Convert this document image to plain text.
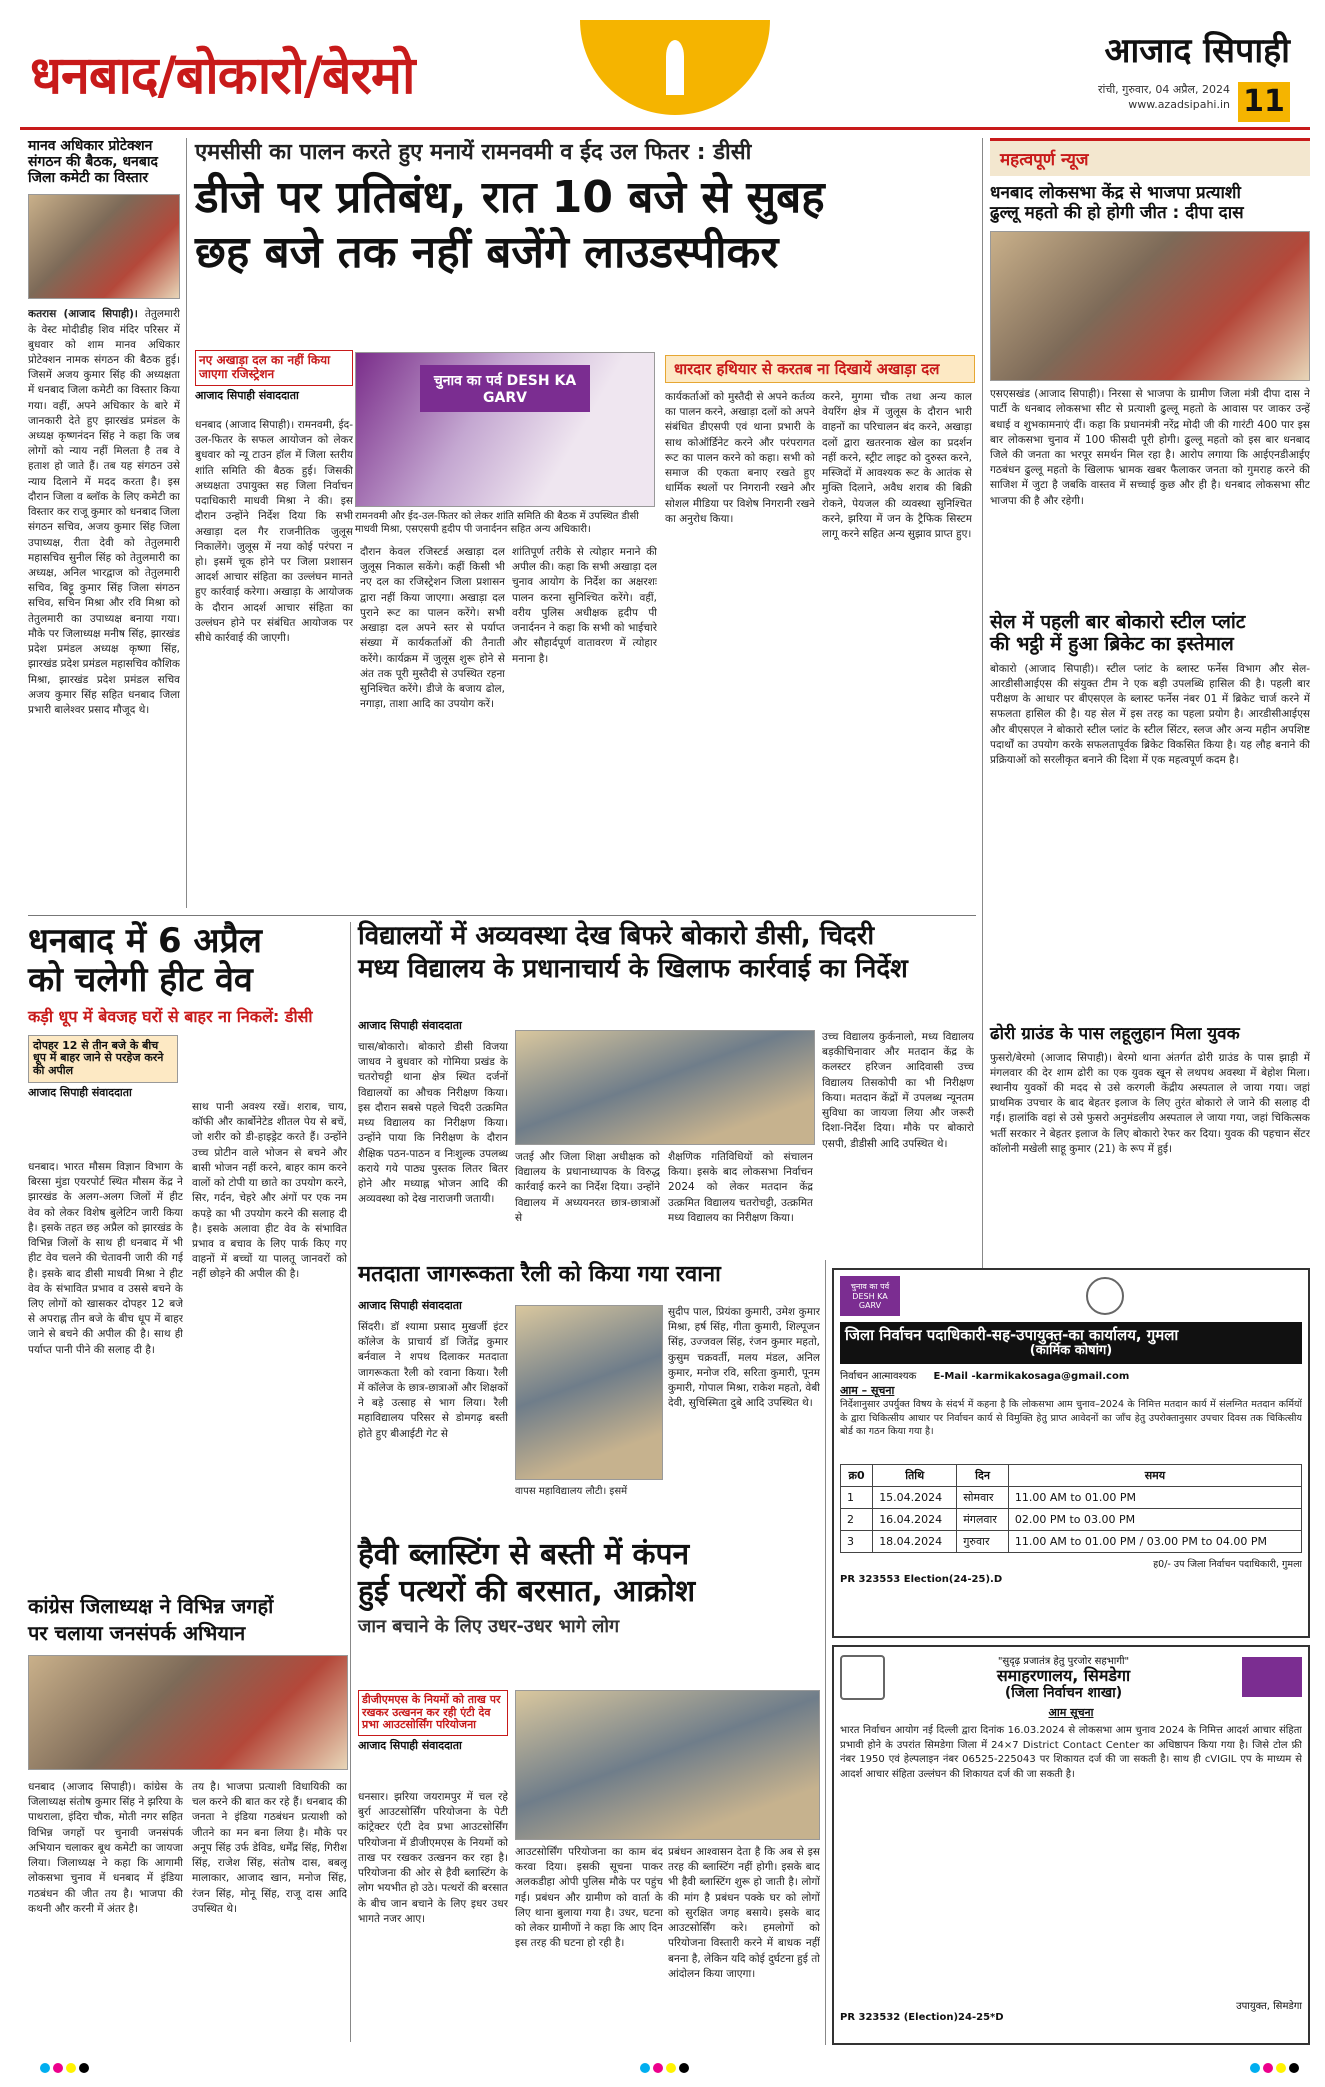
धनबाद/बोकारो/बेरमो	आजाद सिपाही
रांची, गुरुवार, 04 अप्रैल, 2024
www.azadsipahi.in 11
मानव अधिकार प्रोटेक्शन संगठन की बैठक, धनबाद जिला कमेटी का विस्तार
कतरास (आजाद सिपाही)। तेतुलमारी के वेस्ट मोदीडीह शिव मंदिर परिसर में बुधवार को शाम मानव अधिकार प्रोटेक्शन नामक संगठन की बैठक हुई। जिसमें अजय कुमार सिंह की अध्यक्षता में धनबाद जिला कमेटी का विस्तार किया गया। वहीं, अपने अधिकार के बारे में जानकारी देते हुए झारखंड प्रमंडल के अध्यक्ष कृष्णनंदन सिंह ने कहा कि जब लोगों को न्याय नहीं मिलता है तब वे हताश हो जाते हैं। तब यह संगठन उसे न्याय दिलाने में मदद करता है। इस दौरान जिला व ब्लॉक के लिए कमेटी का विस्तार कर राजू कुमार को धनबाद जिला संगठन सचिव, अजय कुमार सिंह जिला उपाध्यक्ष, रीता देवी को तेतुलमारी महासचिव सुनील सिंह को तेतुलमारी का अध्यक्ष, अनिल भारद्वाज को तेतुलमारी सचिव, बिट्टू कुमार सिंह जिला संगठन सचिव, सचिन मिश्रा और रवि मिश्रा को तेतुलमारी का उपाध्यक्ष बनाया गया। मौके पर जिलाध्यक्ष मनीष सिंह, झारखंड प्रदेश प्रमंडल अध्यक्ष कृष्णा सिंह, झारखंड प्रदेश प्रमंडल महासचिव कौशिक मिश्रा, झारखंड प्रदेश प्रमंडल सचिव अजय कुमार सिंह सहित धनबाद जिला प्रभारी बालेश्वर प्रसाद मौजूद थे।
एमसीसी का पालन करते हुए मनायें रामनवमी व ईद उल फितर : डीसी
डीजे पर प्रतिबंध, रात 10 बजे से सुबह
छह बजे तक नहीं बजेंगे लाउडस्पीकर
नए अखाड़ा दल का नहीं किया जाएगा रजिस्ट्रेशन
आजाद सिपाही संवाददाता
चुनाव का पर्व DESH KA GARV
धारदार हथियार से करतब ना दिखायें अखाड़ा दल
रामनवमी और ईद-उल-फितर को लेकर शांति समिति की बैठक में उपस्थित डीसी माधवी मिश्रा, एसएसपी हृदीप पी जनार्दनन सहित अन्य अधिकारी।
धनबाद (आजाद सिपाही)। रामनवमी, ईद-उल-फितर के सफल आयोजन को लेकर बुधवार को न्यू टाउन हॉल में जिला स्तरीय शांति समिति की बैठक हुई। जिसकी अध्यक्षता उपायुक्त सह जिला निर्वाचन पदाधिकारी माधवी मिश्रा ने की। इस दौरान उन्होंने निर्देश दिया कि सभी अखाड़ा दल गैर राजनीतिक जुलूस निकालेंगे। जुलूस में नया कोई परंपरा न हो। इसमें चूक होने पर जिला प्रशासन आदर्श आचार संहिता का उल्लंघन मानते हुए कार्रवाई करेगा। अखाड़ा के आयोजक के दौरान आदर्श आचार संहिता का उल्लंघन होने पर संबंधित आयोजक पर सीधे कार्रवाई की जाएगी।
दौरान केवल रजिस्टर्ड अखाड़ा दल जुलूस निकाल सकेंगे। कहीं किसी भी नए दल का रजिस्ट्रेशन जिला प्रशासन द्वारा नहीं किया जाएगा। अखाड़ा दल पुराने रूट का पालन करेंगे। सभी अखाड़ा दल अपने स्तर से पर्याप्त संख्या में कार्यकर्ताओं की तैनाती करेंगे। कार्यक्रम में जुलूस शुरू होने से अंत तक पूरी मुस्तैदी से उपस्थित रहना सुनिश्चित करेंगे। डीजे के बजाय ढोल, नगाड़ा, ताशा आदि का उपयोग करें।
शांतिपूर्ण तरीके से त्योहार मनाने की अपील की। कहा कि सभी अखाड़ा दल चुनाव आयोग के निर्देश का अक्षरशः पालन करना सुनिश्चित करेंगे। वहीं, वरीय पुलिस अधीक्षक हृदीप पी जनार्दनन ने कहा कि सभी को भाईचारे और सौहार्दपूर्ण वातावरण में त्योहार मनाना है।
कार्यकर्ताओं को मुस्तैदी से अपने कर्तव्य का पालन करने, अखाड़ा दलों को अपने संबंधित डीएसपी एवं थाना प्रभारी के साथ कोऑर्डिनेट करने और परंपरागत रूट का पालन करने को कहा। सभी को समाज की एकता बनाए रखते हुए धार्मिक स्थलों पर निगरानी रखने और सोशल मीडिया पर विशेष निगरानी रखने का अनुरोध किया।
करने, मुगमा चौक तथा अन्य काल वेयरिंग क्षेत्र में जुलूस के दौरान भारी वाहनों का परिचालन बंद करने, अखाड़ा दलों द्वारा खतरनाक खेल का प्रदर्शन नहीं करने, स्ट्रीट लाइट को दुरुस्त करने, मस्जिदों में आवश्यक रूट के आतंक से मुक्ति दिलाने, अवैध शराब की बिक्री रोकने, पेयजल की व्यवस्था सुनिश्चित करने, झरिया में जन के ट्रैफिक सिस्टम लागू करने सहित अन्य सुझाव प्राप्त हुए।
धनबाद में 6 अप्रैल
को चलेगी हीट वेव
कड़ी धूप में बेवजह घरों से बाहर ना निकलें: डीसी
दोपहर 12 से तीन बजे के बीच धूप में बाहर जाने से परहेज करने की अपील
आजाद सिपाही संवाददाता
धनबाद। भारत मौसम विज्ञान विभाग के बिरसा मुंडा एयरपोर्ट स्थित मौसम केंद्र ने झारखंड के अलग-अलग जिलों में हीट वेव को लेकर विशेष बुलेटिन जारी किया है। इसके तहत छह अप्रैल को झारखंड के विभिन्न जिलों के साथ ही धनबाद में भी हीट वेव चलने की चेतावनी जारी की गई है। इसके बाद डीसी माधवी मिश्रा ने हीट वेव के संभावित प्रभाव व उससे बचने के लिए लोगों को खासकर दोपहर 12 बजे से अपराह्न तीन बजे के बीच धूप में बाहर जाने से बचने की अपील की है। साथ ही पर्याप्त पानी पीने की सलाह दी है।
साथ पानी अवश्य रखें। शराब, चाय, कॉफी और कार्बोनेटेड शीतल पेय से बचें, जो शरीर को डी-हाइड्रेट करते हैं। उन्होंने उच्च प्रोटीन वाले भोजन से बचने और बासी भोजन नहीं करने, बाहर काम करने वालों को टोपी या छाते का उपयोग करने, सिर, गर्दन, चेहरे और अंगों पर एक नम कपड़े का भी उपयोग करने की सलाह दी है। इसके अलावा हीट वेव के संभावित प्रभाव व बचाव के लिए पार्क किए गए वाहनों में बच्चों या पालतू जानवरों को नहीं छोड़ने की अपील की है।
कांग्रेस जिलाध्यक्ष ने विभिन्न जगहों
पर चलाया जनसंपर्क अभियान
धनबाद (आजाद सिपाही)। कांग्रेस के जिलाध्यक्ष संतोष कुमार सिंह ने झरिया के पाथराला, इंदिरा चौक, मोती नगर सहित विभिन्न जगहों पर चुनावी जनसंपर्क अभियान चलाकर बूथ कमेटी का जायजा लिया। जिलाध्यक्ष ने कहा कि आगामी लोकसभा चुनाव में धनबाद में इंडिया गठबंधन की जीत तय है। भाजपा की कथनी और करनी में अंतर है।
तय है। भाजपा प्रत्याशी विधायिकी का चल करने की बात कर रहे हैं। धनबाद की जनता ने इंडिया गठबंधन प्रत्याशी को जीतने का मन बना लिया है। मौके पर अनूप सिंह उर्फ डेविड, धर्मेंद्र सिंह, गिरीश सिंह, राजेश सिंह, संतोष दास, बबलू मालाकार, आजाद खान, मनोज सिंह, रंजन सिंह, मोनू सिंह, राजू दास आदि उपस्थित थे।
विद्यालयों में अव्यवस्था देख बिफरे बोकारो डीसी, चिदरी
मध्य विद्यालय के प्रधानाचार्य के खिलाफ कार्रवाई का निर्देश
आजाद सिपाही संवाददाता
चास/बोकारो। बोकारो डीसी विजया जाधव ने बुधवार को गोमिया प्रखंड के चतरोचट्टी थाना क्षेत्र स्थित दर्जनों विद्यालयों का औचक निरीक्षण किया। इस दौरान सबसे पहले चिदरी उत्क्रमित मध्य विद्यालय का निरीक्षण किया। उन्होंने पाया कि निरीक्षण के दौरान शैक्षिक पठन-पाठन व निःशुल्क उपलब्ध कराये गये पाठ्य पुस्तक लितर बितर होने और मध्याह्न भोजन आदि की अव्यवस्था को देख नाराजगी जतायी।
जतई और जिला शिक्षा अधीक्षक को विद्यालय के प्रधानाध्यापक के विरुद्ध कार्रवाई करने का निर्देश दिया। उन्होंने विद्यालय में अध्ययनरत छात्र-छात्राओं से
शैक्षणिक गतिविधियों को संचालन किया। इसके बाद लोकसभा निर्वाचन 2024 को लेकर मतदान केंद्र उत्क्रमित विद्यालय चतरोचट्टी, उत्क्रमित मध्य विद्यालय का निरीक्षण किया।
उच्च विद्यालय कुर्कनालो, मध्य विद्यालय बड़कीचिनावार और मतदान केंद्र के कलस्टर हरिजन आदिवासी उच्च विद्यालय तिसकोपी का भी निरीक्षण किया। मतदान केंद्रों में उपलब्ध न्यूनतम सुविधा का जायजा लिया और जरूरी दिशा-निर्देश दिया। मौके पर बोकारो एसपी, डीडीसी आदि उपस्थित थे।
मतदाता जागरूकता रैली को किया गया रवाना
आजाद सिपाही संवाददाता
सिंदरी। डॉ श्यामा प्रसाद मुखर्जी इंटर कॉलेज के प्राचार्य डॉ जितेंद्र कुमार बर्नवाल ने शपथ दिलाकर मतदाता जागरूकता रैली को रवाना किया। रैली में कॉलेज के छात्र-छात्राओं और शिक्षकों ने बड़े उत्साह से भाग लिया। रैली महाविद्यालय परिसर से डोमगढ़ बस्ती होते हुए बीआईटी गेट से
वापस महाविद्यालय लौटी। इसमें
सुदीप पाल, प्रियंका कुमारी, उमेश कुमार मिश्रा, हर्ष सिंह, गीता कुमारी, शिल्पूजन सिंह, उज्जवल सिंह, रंजन कुमार महतो, कुसुम चक्रवर्ती, मलय मंडल, अनिल कुमार, मनोज रवि, सरिता कुमारी, पूनम कुमारी, गोपाल मिश्रा, राकेश महतो, वेबी देवी, सुचिस्मिता दुबे आदि उपस्थित थे।
हैवी ब्लास्टिंग से बस्ती में कंपन
हुई पत्थरों की बरसात, आक्रोश
जान बचाने के लिए उधर-उधर भागे लोग
डीजीएमएस के नियमों को ताख पर रखकर उत्खनन कर रही एंटी देव प्रभा आउटसोर्सिंग परियोजना
आजाद सिपाही संवाददाता
धनसार। झरिया जयरामपुर में चल रहे बुर्रा आउटसोर्सिंग परियोजना के पेटी कांट्रेक्टर एंटी देव प्रभा आउटसोर्सिंग परियोजना में डीजीएमएस के नियमों को ताख पर रखकर उत्खनन कर रहा है। परियोजना की ओर से हैवी ब्लास्टिंग के लोग भयभीत हो उठे। पत्थरों की बरसात के बीच जान बचाने के लिए इधर उधर भागते नजर आए।
आउटसोर्सिंग परियोजना का काम बंद करवा दिया। इसकी सूचना पाकर अलकडीहा ओपी पुलिस मौके पर पहुंच गई। प्रबंधन और ग्रामीण को वार्ता के लिए थाना बुलाया गया है। उधर, घटना को लेकर ग्रामीणों ने कहा कि आए दिन इस तरह की घटना हो रही है।
प्रबंधन आश्वासन देता है कि अब से इस तरह की ब्लास्टिंग नहीं होगी। इसके बाद भी हैवी ब्लास्टिंग शुरू हो जाती है। लोगों की मांग है प्रबंधन पक्के घर को लोगों को सुरक्षित जगह बसाये। इसके बाद आउटसोर्सिंग करे। हमलोगों को परियोजना विस्तारी करने में बाधक नहीं बनना है, लेकिन यदि कोई दुर्घटना हुई तो आंदोलन किया जाएगा।
महत्वपूर्ण न्यूज
धनबाद लोकसभा केंद्र से भाजपा प्रत्याशी
ढुल्लू महतो की हो होगी जीत : दीपा दास
एसएसखंड (आजाद सिपाही)। निरसा से भाजपा के ग्रामीण जिला मंत्री दीपा दास ने पार्टी के धनबाद लोकसभा सीट से प्रत्याशी ढुल्लू महतो के आवास पर जाकर उन्हें बधाई व शुभकामनाएं दीं। कहा कि प्रधानमंत्री नरेंद्र मोदी जी की गारंटी 400 पार इस बार लोकसभा चुनाव में 100 फीसदी पूरी होगी। ढुल्लू महतो को इस बार धनबाद जिले की जनता का भरपूर समर्थन मिल रहा है। आरोप लगाया कि आईएनडीआईए गठबंधन ढुल्लू महतो के खिलाफ भ्रामक खबर फैलाकर जनता को गुमराह करने की साजिश में जुटा है जबकि वास्तव में सच्चाई कुछ और ही है। धनबाद लोकसभा सीट भाजपा की है और रहेगी।
सेल में पहली बार बोकारो स्टील प्लांट
की भट्ठी में हुआ ब्रिकेट का इस्तेमाल
बोकारो (आजाद सिपाही)। स्टील प्लांट के ब्लास्ट फर्नेस विभाग और सेल-आरडीसीआईएस की संयुक्त टीम ने एक बड़ी उपलब्धि हासिल की है। पहली बार परीक्षण के आधार पर बीएसएल के ब्लास्ट फर्नेस नंबर 01 में ब्रिकेट चार्ज करने में सफलता हासिल की है। यह सेल में इस तरह का पहला प्रयोग है। आरडीसीआईएस और बीएसएल ने बोकारो स्टील प्लांट के स्टील सिंटर, स्लज और अन्य महीन अपशिष्ट पदार्थों का उपयोग करके सफलतापूर्वक ब्रिकेट विकसित किया है। यह लौह बनाने की प्रक्रियाओं को सरलीकृत बनाने की दिशा में एक महत्वपूर्ण कदम है।
ढोरी ग्राउंड के पास लहूलुहान मिला युवक
फुसरो/बेरमो (आजाद सिपाही)। बेरमो थाना अंतर्गत ढोरी ग्राउंड के पास झाड़ी में मंगलवार की देर शाम ढोरी का एक युवक खून से लथपथ अवस्था में बेहोश मिला। स्थानीय युवकों की मदद से उसे करगली केंद्रीय अस्पताल ले जाया गया। जहां प्राथमिक उपचार के बाद बेहतर इलाज के लिए तुरंत बोकारो ले जाने की सलाह दी गई। हालांकि वहां से उसे फुसरो अनुमंडलीय अस्पताल ले जाया गया, जहां चिकित्सक भर्ती सरकार ने बेहतर इलाज के लिए बोकारो रेफर कर दिया। युवक की पहचान सेंटर कॉलोनी मखेली साहू कुमार (21) के रूप में हुई।
चुनाव का पर्व DESH KA GARV
जिला निर्वाचन पदाधिकारी-सह-उपायुक्त-का कार्यालय, गुमला
(कार्मिक कोषांग)
निर्वाचन आत्मावश्यक E-Mail -karmikakosaga@gmail.com
आम – सूचना
निर्देशानुसार उपर्युक्त विषय के संदर्भ में कहना है कि लोकसभा आम चुनाव–2024 के निमित्त मतदान कार्य में संलग्नित मतदान कर्मियों के द्वारा चिकित्सीय आधार पर निर्वाचन कार्य से विमुक्ति हेतु प्राप्त आवेदनों का जाँच हेतु उपरोक्तानुसार उपचार दिवस तक चिकित्सीय बोर्ड का गठन किया गया है।
क्र0	तिथि	दिन	समय
1	15.04.2024	सोमवार	11.00 AM to 01.00 PM
2	16.04.2024	मंगलवार	02.00 PM to 03.00 PM
3	18.04.2024	गुरुवार	11.00 AM to 01.00 PM / 03.00 PM to 04.00 PM
ह0/- उप जिला निर्वाचन पदाधिकारी, गुमला
PR 323553 Election(24-25).D
"सुदृढ़ प्रजातंत्र हेतु पुरजोर सहभागी"
समाहरणालय, सिमडेगा
(जिला निर्वाचन शाखा)
आम सूचना
भारत निर्वाचन आयोग नई दिल्ली द्वारा दिनांक 16.03.2024 से लोकसभा आम चुनाव 2024 के निमित्त आदर्श आचार संहिता प्रभावी होने के उपरांत सिमडेगा जिला में 24×7 District Contact Center का अधिष्ठापन किया गया है। जिसे टोल फ्री नंबर 1950 एवं हेल्पलाइन नंबर 06525-225043 पर शिकायत दर्ज की जा सकती है। साथ ही cVIGIL एप के माध्यम से आदर्श आचार संहिता उल्लंघन की शिकायत दर्ज की जा सकती है।
उपायुक्त, सिमडेगा
PR 323532 (Election)24-25*D
